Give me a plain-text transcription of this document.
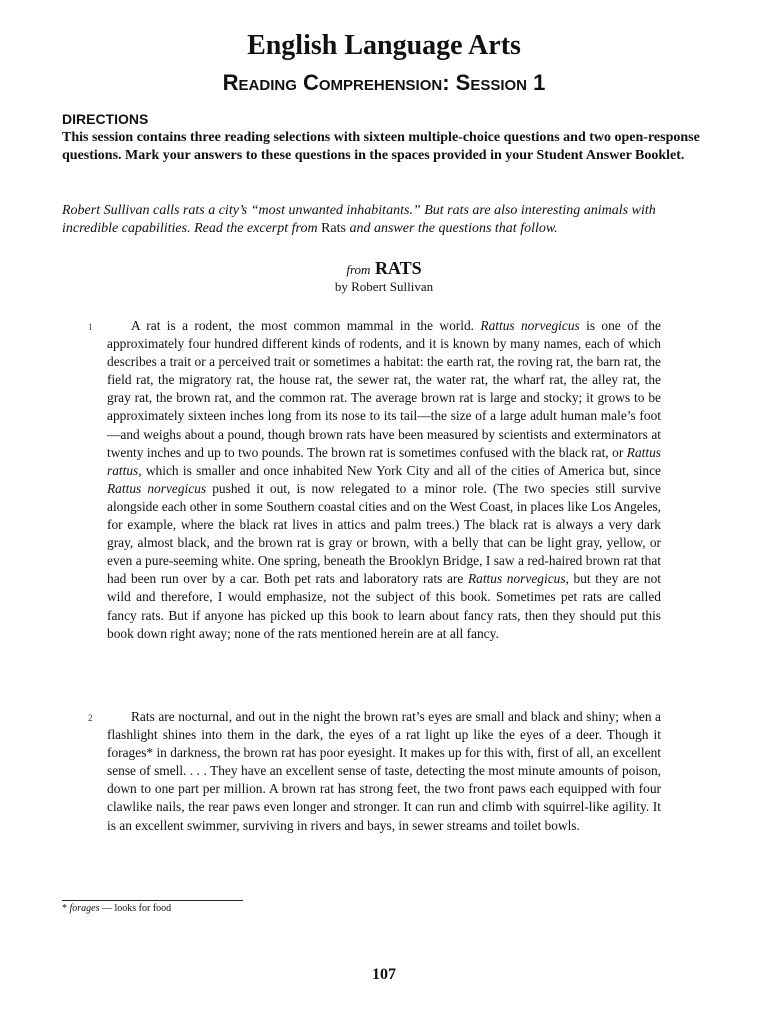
English Language Arts
Reading Comprehension: Session 1
DIRECTIONS

This session contains three reading selections with sixteen multiple-choice questions and two open-response questions. Mark your answers to these questions in the spaces provided in your Student Answer Booklet.

Robert Sullivan calls rats a city’s “most unwanted inhabitants.” But rats are also interesting animals with incredible capabilities. Read the excerpt from Rats and answer the questions that follow.

from RATS
by Robert Sullivan
1	A rat is a rodent, the most common mammal in the world. Rattus norvegicus is one of the approximately four hundred different kinds of rodents, and it is known by many names, each of which describes a trait or a perceived trait or sometimes a habitat: the earth rat, the roving rat, the barn rat, the field rat, the migratory rat, the house rat, the sewer rat, the water rat, the wharf rat, the alley rat, the gray rat, the brown rat, and the common rat. The average brown rat is large and stocky; it grows to be approximately sixteen inches long from its nose to its tail—the size of a large adult human male’s foot—and weighs about a pound, though brown rats have been measured by scientists and exterminators at twenty inches and up to two pounds. The brown rat is sometimes confused with the black rat, or Rattus rattus, which is smaller and once inhabited New York City and all of the cities of America but, since Rattus norvegicus pushed it out, is now relegated to a minor role. (The two species still survive alongside each other in some Southern coastal cities and on the West Coast, in places like Los Angeles, for example, where the black rat lives in attics and palm trees.) The black rat is always a very dark gray, almost black, and the brown rat is gray or brown, with a belly that can be light gray, yellow, or even a pure-seeming white. One spring, beneath the Brooklyn Bridge, I saw a red-haired brown rat that had been run over by a car. Both pet rats and laboratory rats are Rattus norvegicus, but they are not wild and therefore, I would emphasize, not the subject of this book. Sometimes pet rats are called fancy rats. But if anyone has picked up this book to learn about fancy rats, then they should put this book down right away; none of the rats mentioned herein are at all fancy.

2	Rats are nocturnal, and out in the night the brown rat’s eyes are small and black and shiny; when a flashlight shines into them in the dark, the eyes of a rat light up like the eyes of a deer. Though it forages* in darkness, the brown rat has poor eyesight. It makes up for this with, first of all, an excellent sense of smell. . . . They have an excellent sense of taste, detecting the most minute amounts of poison, down to one part per million. A brown rat has strong feet, the two front paws each equipped with four clawlike nails, the rear paws even longer and stronger. It can run and climb with squirrel-like agility. It is an excellent swimmer, surviving in rivers and bays, in sewer streams and toilet bowls.

* forages — looks for food
107
